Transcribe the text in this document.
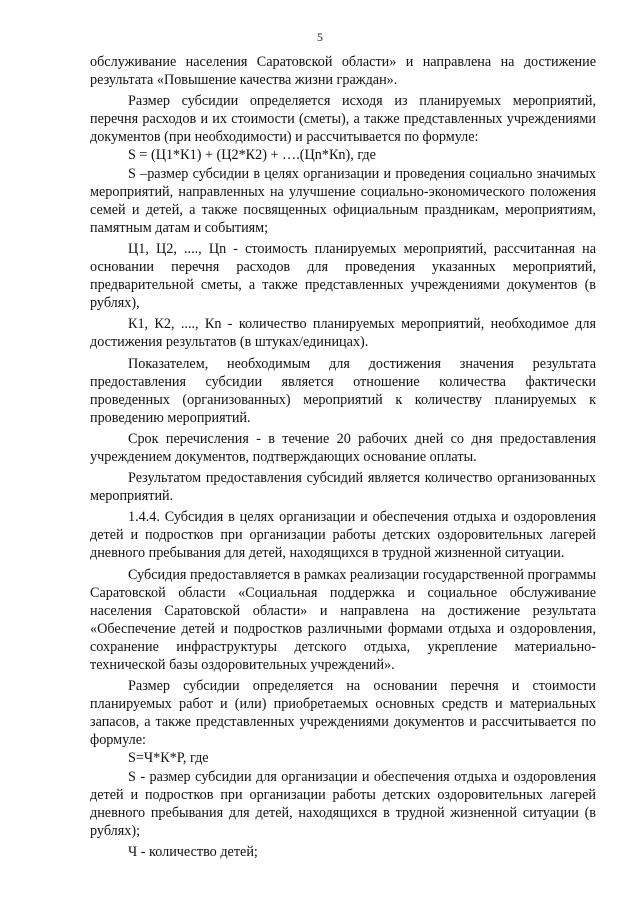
5

обслуживание населения Саратовской области» и направлена на достижение результата «Повышение качества жизни граждан».

Размер субсидии определяется исходя из планируемых мероприятий, перечня расходов и их стоимости (сметы), а также представленных учреждениями документов (при необходимости) и рассчитывается по формуле:

S = (Ц1*К1) + (Ц2*К2) + ….(Цn*Кn), где

S –размер субсидии в целях организации и проведения социально значимых мероприятий, направленных на улучшение социально-экономического положения семей и детей, а также посвященных официальным праздникам, мероприятиям, памятным датам и событиям;

Ц1, Ц2, ...., Цn - стоимость планируемых мероприятий, рассчитанная на основании перечня расходов для проведения указанных мероприятий, предварительной сметы, а также представленных учреждениями документов (в рублях),

К1, К2, ...., Кn - количество планируемых мероприятий, необходимое для достижения результатов (в штуках/единицах).

Показателем, необходимым для достижения значения результата предоставления субсидии является отношение количества фактически проведенных (организованных) мероприятий к количеству планируемых к проведению мероприятий.

Срок перечисления - в течение 20 рабочих дней со дня предоставления учреждением документов, подтверждающих основание оплаты.

Результатом предоставления субсидий является количество организованных мероприятий.

1.4.4. Субсидия в целях организации и обеспечения отдыха и оздоровления детей и подростков при организации работы детских оздоровительных лагерей дневного пребывания для детей, находящихся в трудной жизненной ситуации.

Субсидия предоставляется в рамках реализации государственной программы Саратовской области «Социальная поддержка и социальное обслуживание населения Саратовской области» и направлена на достижение результата «Обеспечение детей и подростков различными формами отдыха и оздоровления, сохранение инфраструктуры детского отдыха, укрепление материально-технической базы оздоровительных учреждений».

Размер субсидии определяется на основании перечня и стоимости планируемых работ и (или) приобретаемых основных средств и материальных запасов, а также представленных учреждениями документов и рассчитывается по формуле:

S=Ч*К*Р, где

S - размер субсидии для организации и обеспечения отдыха и оздоровления детей и подростков при организации работы детских оздоровительных лагерей дневного пребывания для детей, находящихся в трудной жизненной ситуации (в рублях);

Ч - количество детей;
